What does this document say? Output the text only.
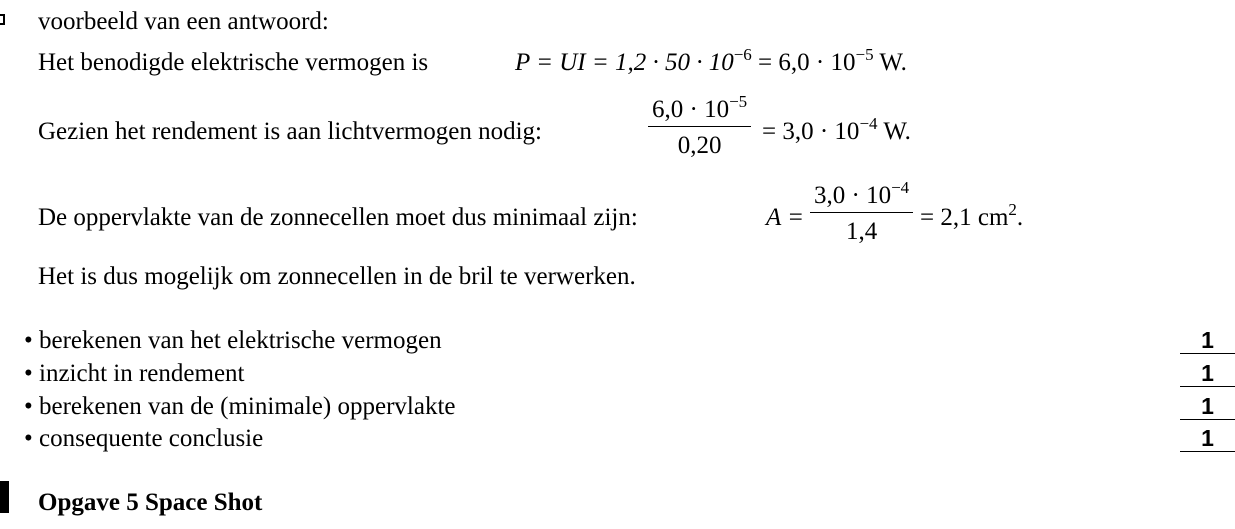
voorbeeld van een antwoord:
Het benodigde elektrische vermogen is	P = UI = $1,2 \cdot 50 \cdot 10^{-6} = 6,0 \cdot 10^{-5}$ W.
Gezien het rendement is aan lichtvermogen nodig:
$6,0 \cdot 10^{-5}$
0,20
= $3,0 \cdot 10^{-4}$ W.
De oppervlakte van de zonnecellen moet dus minimaal zijn:	A =
$3,0 \cdot 10^{-4}$
1,4
= 2,1 $cm^2$.
Het is dus mogelijk om zonnecellen in de bril te verwerken.
• berekenen van het elektrische vermogen	1
• inzicht in rendement	1
• berekenen van de (minimale) oppervlakte	1
• consequente conclusie	1
Opgave 5 Space Shot
